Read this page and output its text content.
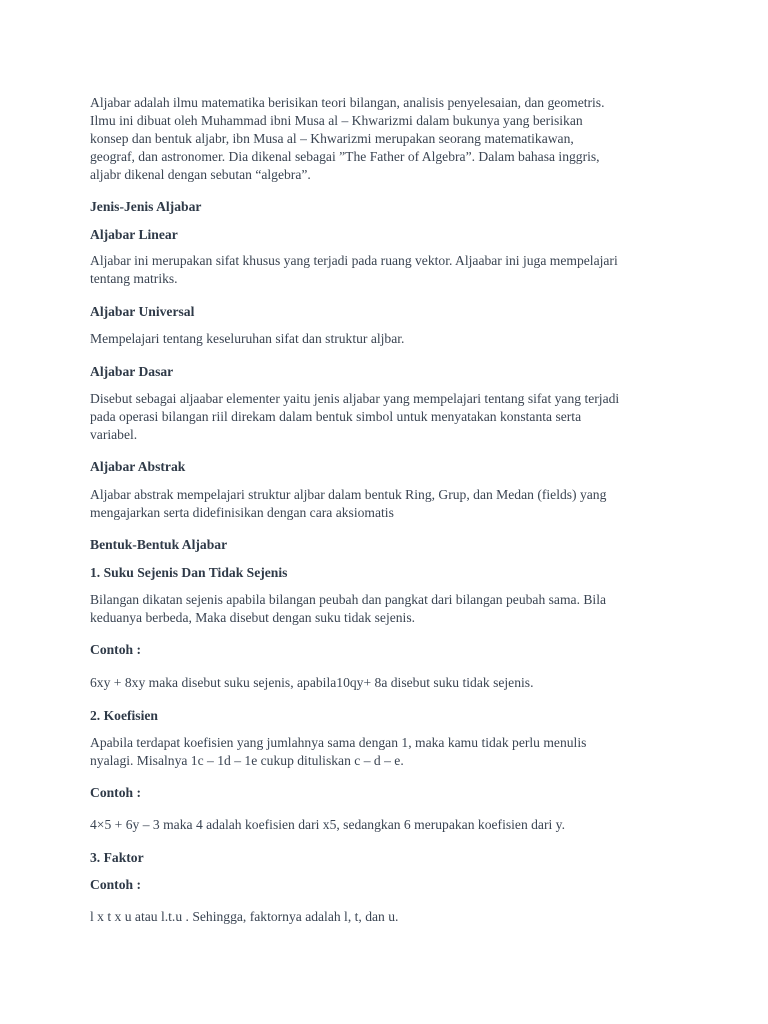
Aljabar adalah ilmu matematika berisikan teori bilangan, analisis penyelesaian, dan geometris.
Ilmu ini dibuat oleh Muhammad ibni Musa al – Khwarizmi dalam bukunya yang berisikan
konsep dan bentuk aljabr, ibn Musa al – Khwarizmi merupakan seorang matematikawan,
geograf, dan astronomer. Dia dikenal sebagai ”The Father of Algebra”. Dalam bahasa inggris,
aljabr dikenal dengan sebutan “algebra”.
Jenis-Jenis Aljabar
Aljabar Linear
Aljabar ini merupakan sifat khusus yang terjadi pada ruang vektor. Aljaabar ini juga mempelajari
tentang matriks.
Aljabar Universal
Mempelajari tentang keseluruhan sifat dan struktur aljbar.
Aljabar Dasar
Disebut sebagai aljaabar elementer yaitu jenis aljabar yang mempelajari tentang sifat yang terjadi
pada operasi bilangan riil direkam dalam bentuk simbol untuk menyatakan konstanta serta
variabel.
Aljabar Abstrak
Aljabar abstrak mempelajari struktur aljbar dalam bentuk Ring, Grup, dan Medan (fields) yang
mengajarkan serta didefinisikan dengan cara aksiomatis
Bentuk-Bentuk Aljabar
1. Suku Sejenis Dan Tidak Sejenis
Bilangan dikatan sejenis apabila bilangan peubah dan pangkat dari bilangan peubah sama. Bila
keduanya berbeda, Maka disebut dengan suku tidak sejenis.
Contoh :
6xy + 8xy maka disebut suku sejenis, apabila10qy+ 8a disebut suku tidak sejenis.
2. Koefisien
Apabila terdapat koefisien yang jumlahnya sama dengan 1, maka kamu tidak perlu menulis
nyalagi. Misalnya 1c – 1d – 1e cukup dituliskan c – d – e.
Contoh :
4×5 + 6y – 3 maka 4 adalah koefisien dari x5, sedangkan 6 merupakan koefisien dari y.
3. Faktor
Contoh :
l x t x u atau l.t.u . Sehingga, faktornya adalah l, t, dan u.
